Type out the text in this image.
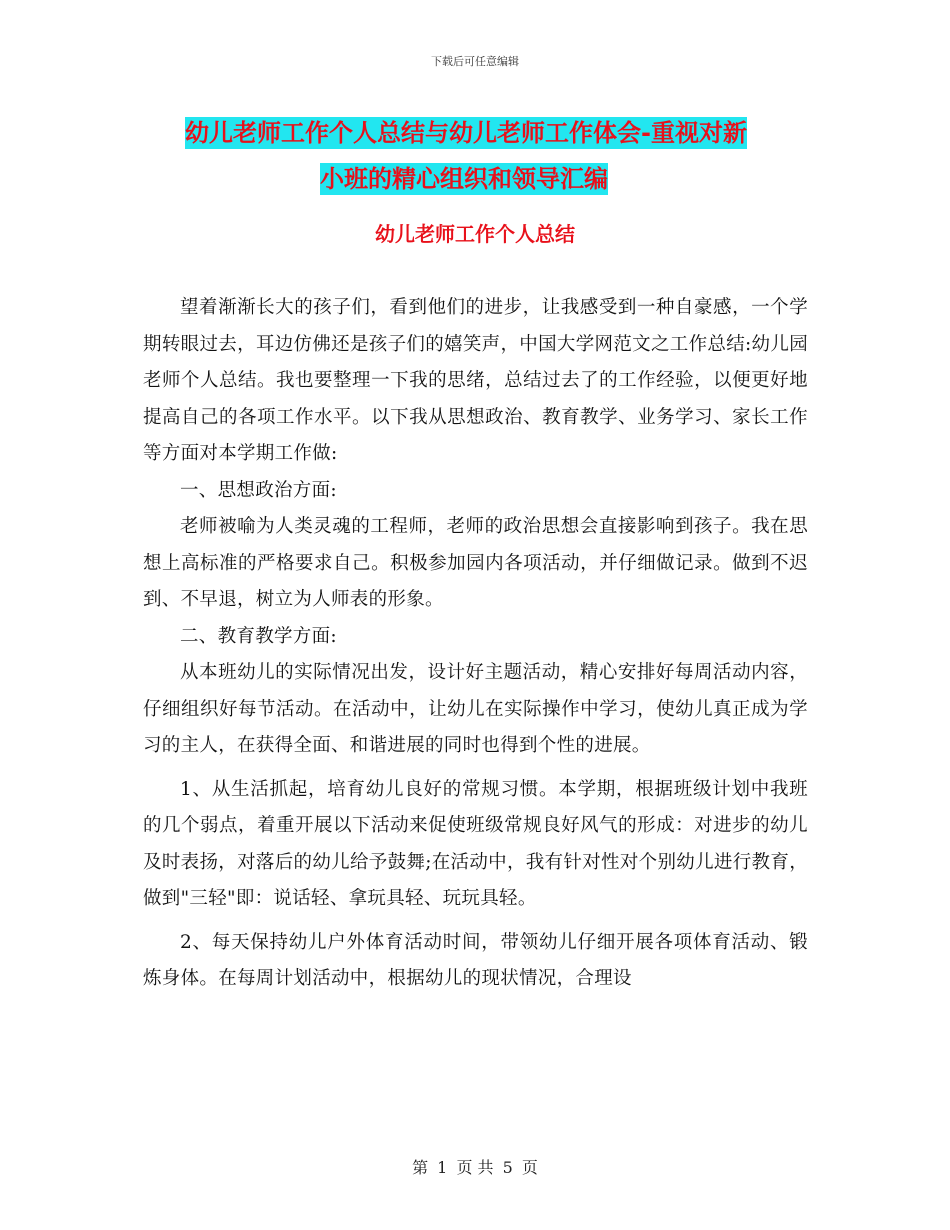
下载后可任意编辑
幼儿老师工作个人总结与幼儿老师工作体会-重视对新
小班的精心组织和领导汇编
幼儿老师工作个人总结

望着渐渐长大的孩子们，看到他们的进步，让我感受到一种自豪感，一个学期转眼过去，耳边仿佛还是孩子们的嬉笑声，中国大学网范文之工作总结:幼儿园老师个人总结。我也要整理一下我的思绪，总结过去了的工作经验，以便更好地提高自己的各项工作水平。以下我从思想政治、教育教学、业务学习、家长工作等方面对本学期工作做:

一、思想政治方面:

老师被喻为人类灵魂的工程师，老师的政治思想会直接影响到孩子。我在思想上高标准的严格要求自己。积极参加园内各项活动，并仔细做记录。做到不迟到、不早退，树立为人师表的形象。

二、教育教学方面:

从本班幼儿的实际情况出发，设计好主题活动，精心安排好每周活动内容，仔细组织好每节活动。在活动中，让幼儿在实际操作中学习，使幼儿真正成为学习的主人，在获得全面、和谐进展的同时也得到个性的进展。

1、从生活抓起，培育幼儿良好的常规习惯。本学期，根据班级计划中我班的几个弱点，着重开展以下活动来促使班级常规良好风气的形成：对进步的幼儿及时表扬，对落后的幼儿给予鼓舞;在活动中，我有针对性对个别幼儿进行教育，做到"三轻"即：说话轻、拿玩具轻、玩玩具轻。

2、每天保持幼儿户外体育活动时间，带领幼儿仔细开展各项体育活动、锻炼身体。在每周计划活动中，根据幼儿的现状情况，合理设

第 1 页 共 5 页
